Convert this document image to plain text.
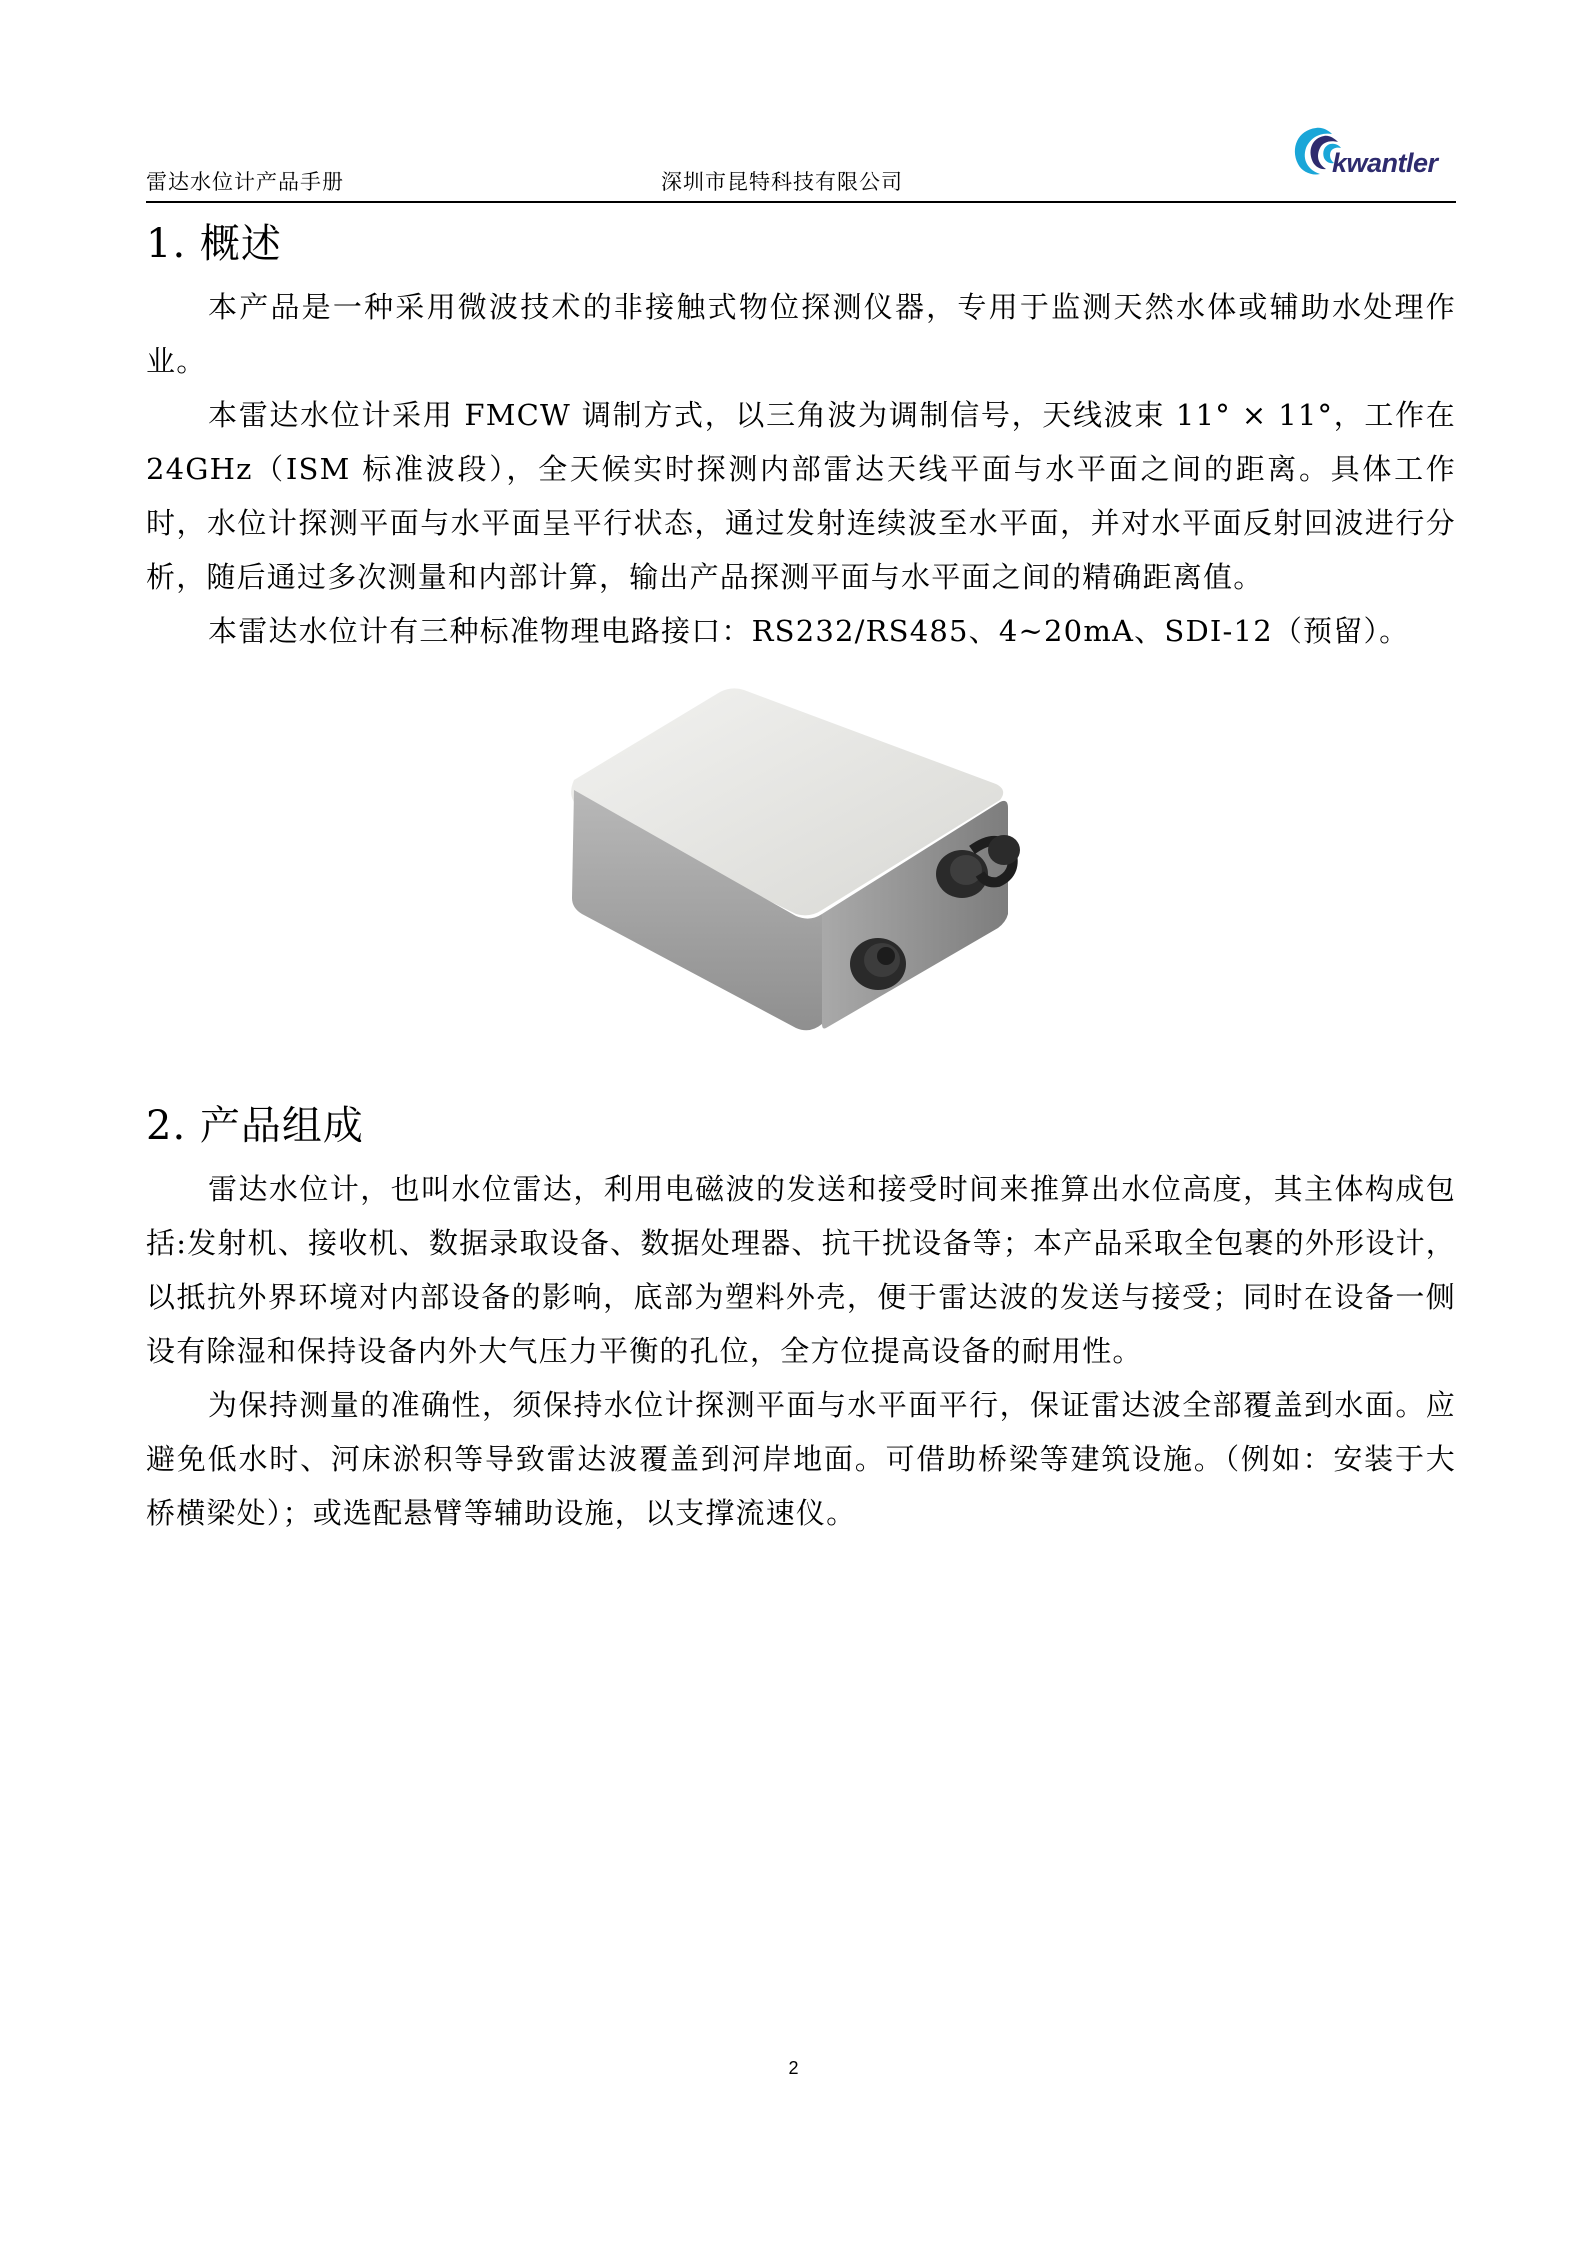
雷达水位计产品手册	深圳市昆特科技有限公司
kwantler
1. 概述

本产品是一种采用微波技术的非接触式物位探测仪器，专用于监测天然水体或辅助水处理作业。

本雷达水位计采用 FMCW 调制方式，以三角波为调制信号，天线波束 11° × 11°，工作在 24GHz（ISM 标准波段），全天候实时探测内部雷达天线平面与水平面之间的距离。具体工作时，水位计探测平面与水平面呈平行状态，通过发射连续波至水平面，并对水平面反射回波进行分析，随后通过多次测量和内部计算，输出产品探测平面与水平面之间的精确距离值。

本雷达水位计有三种标准物理电路接口：RS232/RS485、4~20mA、SDI-12（预留）。

2. 产品组成

雷达水位计，也叫水位雷达，利用电磁波的发送和接受时间来推算出水位高度，其主体构成包括:发射机、接收机、数据录取设备、数据处理器、抗干扰设备等；本产品采取全包裹的外形设计，以抵抗外界环境对内部设备的影响，底部为塑料外壳，便于雷达波的发送与接受；同时在设备一侧设有除湿和保持设备内外大气压力平衡的孔位，全方位提高设备的耐用性。

为保持测量的准确性，须保持水位计探测平面与水平面平行，保证雷达波全部覆盖到水面。应避免低水时、河床淤积等导致雷达波覆盖到河岸地面。可借助桥梁等建筑设施。（例如：安装于大桥横梁处）；或选配悬臂等辅助设施，以支撑流速仪。

2
